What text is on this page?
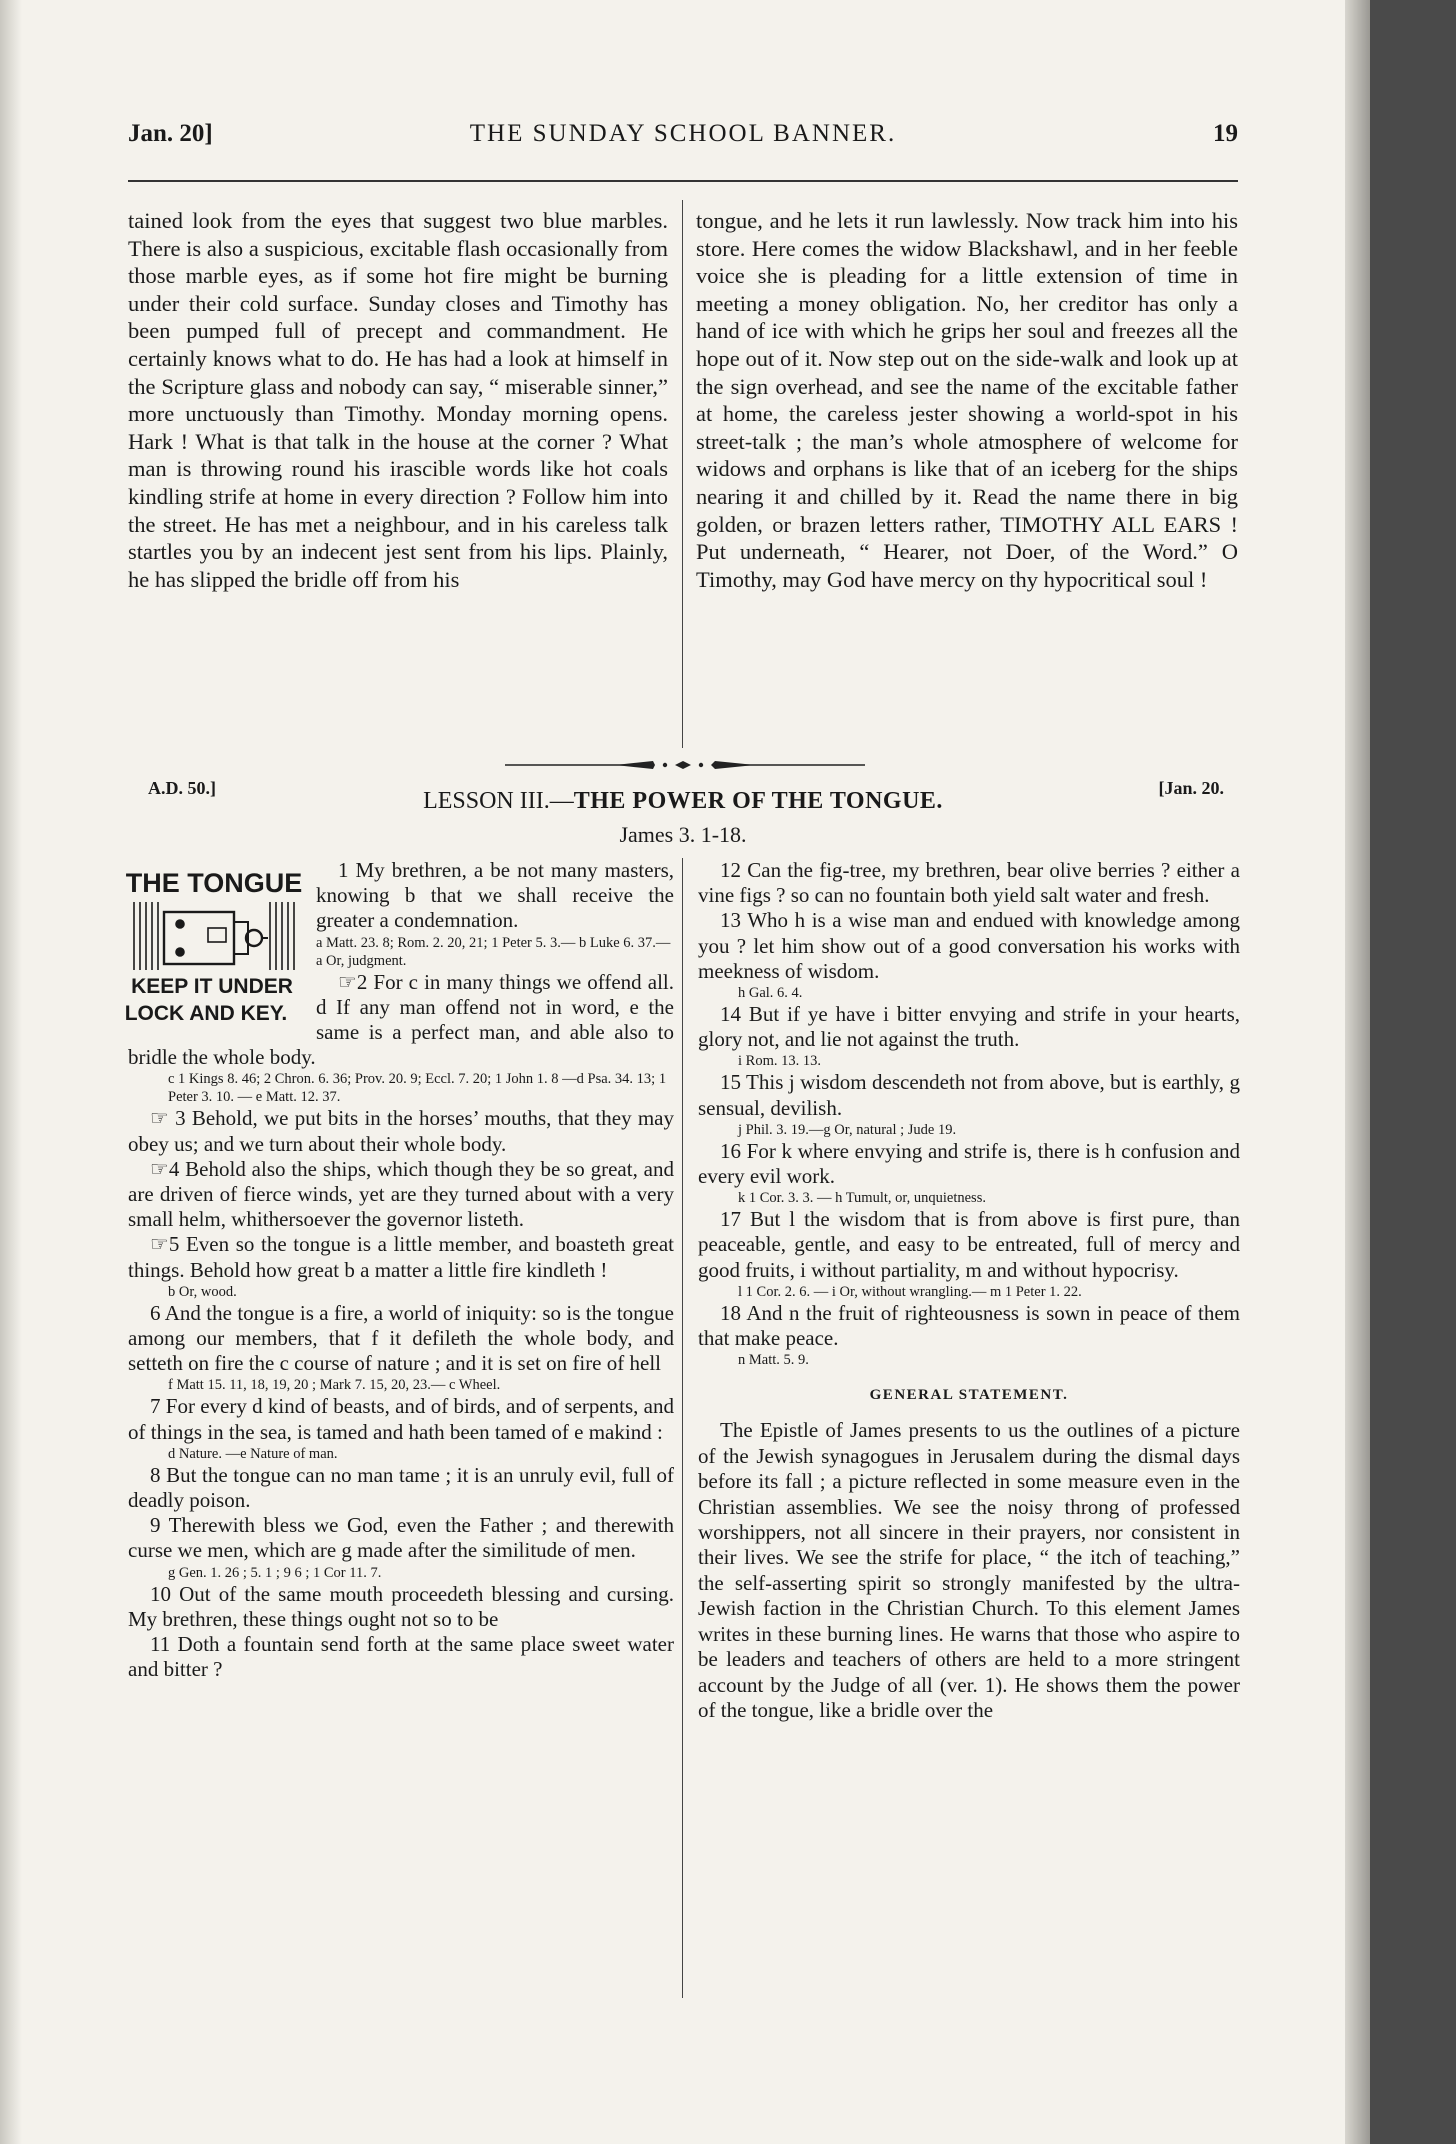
THE SUNDAY SCHOOL BANNER.
Jan. 20]	19

tained look from the eyes that suggest two blue marbles. There is also a suspicious, excitable flash occasionally from those marble eyes, as if some hot fire might be burning under their cold surface. Sunday closes and Timothy has been pumped full of precept and commandment. He certainly knows what to do. He has had a look at himself in the Scripture glass and nobody can say, “ miserable sinner,” more unctuously than Timothy. Monday morning opens. Hark ! What is that talk in the house at the corner ? What man is throwing round his irascible words like hot coals kindling strife at home in every direction ? Follow him into the street. He has met a neighbour, and in his careless talk startles you by an indecent jest sent from his lips. Plainly, he has slipped the bridle off from his

tongue, and he lets it run lawlessly. Now track him into his store. Here comes the widow Blackshawl, and in her feeble voice she is pleading for a little extension of time in meeting a money obligation. No, her creditor has only a hand of ice with which he grips her soul and freezes all the hope out of it. Now step out on the side-walk and look up at the sign overhead, and see the name of the excitable father at home, the careless jester showing a world-spot in his street-talk ; the man’s whole atmosphere of welcome for widows and orphans is like that of an iceberg for the ships nearing it and chilled by it. Read the name there in big golden, or brazen letters rather, TIMOTHY ALL EARS ! Put underneath, “ Hearer, not Doer, of the Word.” O Timothy, may God have mercy on thy hypocritical soul !

A.D. 50.]	[Jan. 20.
LESSON III.—THE POWER OF THE TONGUE.
James 3. 1-18.
THE TONGUE
KEEP IT UNDER
LOCK AND KEY.

1 My brethren, a be not many masters, knowing b that we shall receive the greater a condemnation.

a Matt. 23. 8; Rom. 2. 20, 21; 1 Peter 5. 3.— b Luke 6. 37.— a Or, judgment.

☞2 For c in many things we offend all. d If any man offend not in word, e the same is a perfect man, and able also to bridle the whole body.

c 1 Kings 8. 46; 2 Chron. 6. 36; Prov. 20. 9; Eccl. 7. 20; 1 John 1. 8 —d Psa. 34. 13; 1 Peter 3. 10. — e Matt. 12. 37.

☞ 3 Behold, we put bits in the horses’ mouths, that they may obey us; and we turn about their whole body.

☞4 Behold also the ships, which though they be so great, and are driven of fierce winds, yet are they turned about with a very small helm, whithersoever the governor listeth.

☞5 Even so the tongue is a little member, and boasteth great things. Behold how great b a matter a little fire kindleth !

b Or, wood.

6 And the tongue is a fire, a world of iniquity: so is the tongue among our members, that f it defileth the whole body, and setteth on fire the c course of nature ; and it is set on fire of hell

f Matt 15. 11, 18, 19, 20 ; Mark 7. 15, 20, 23.— c Wheel.

7 For every d kind of beasts, and of birds, and of serpents, and of things in the sea, is tamed and hath been tamed of e makind :

d Nature. —e Nature of man.

8 But the tongue can no man tame ; it is an unruly evil, full of deadly poison.

9 Therewith bless we God, even the Father ; and therewith curse we men, which are g made after the similitude of men.

g Gen. 1. 26 ; 5. 1 ; 9 6 ; 1 Cor 11. 7.

10 Out of the same mouth proceedeth blessing and cursing. My brethren, these things ought not so to be

11 Doth a fountain send forth at the same place sweet water and bitter ?

12 Can the fig-tree, my brethren, bear olive berries ? either a vine figs ? so can no fountain both yield salt water and fresh.

13 Who h is a wise man and endued with knowledge among you ? let him show out of a good conversation his works with meekness of wisdom.

h Gal. 6. 4.

14 But if ye have i bitter envying and strife in your hearts, glory not, and lie not against the truth.

i Rom. 13. 13.

15 This j wisdom descendeth not from above, but is earthly, g sensual, devilish.

j Phil. 3. 19.—g Or, natural ; Jude 19.

16 For k where envying and strife is, there is h confusion and every evil work.

k 1 Cor. 3. 3. — h Tumult, or, unquietness.

17 But l the wisdom that is from above is first pure, than peaceable, gentle, and easy to be entreated, full of mercy and good fruits, i without partiality, m and without hypocrisy.

l 1 Cor. 2. 6. — i Or, without wrangling.— m 1 Peter 1. 22.

18 And n the fruit of righteousness is sown in peace of them that make peace.

n Matt. 5. 9.

GENERAL STATEMENT.

The Epistle of James presents to us the outlines of a picture of the Jewish synagogues in Jerusalem during the dismal days before its fall ; a picture reflected in some measure even in the Christian assemblies. We see the noisy throng of professed worshippers, not all sincere in their prayers, nor consistent in their lives. We see the strife for place, “ the itch of teaching,” the self-asserting spirit so strongly manifested by the ultra-Jewish faction in the Christian Church. To this element James writes in these burning lines. He warns that those who aspire to be leaders and teachers of others are held to a more stringent account by the Judge of all (ver. 1). He shows them the power of the tongue, like a bridle over the
